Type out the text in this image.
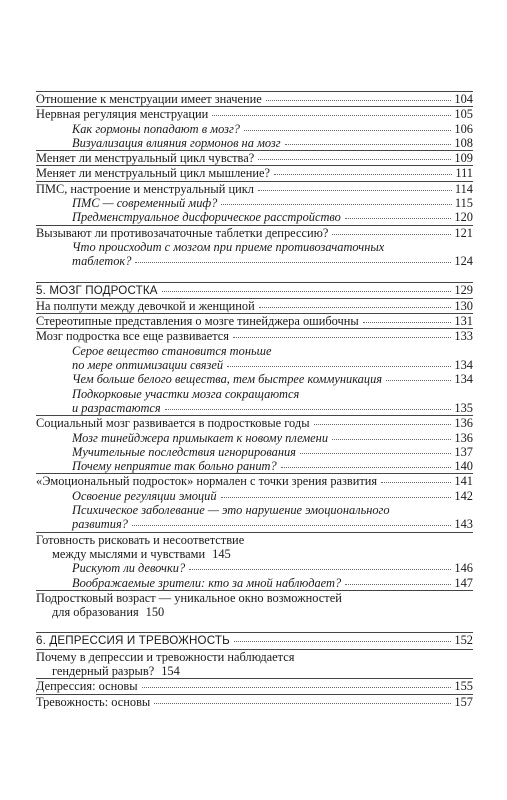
Отношение к менструации имеет значение	104
Нервная регуляция менструации	105
Как гормоны попадают в мозг?	106
Визуализация влияния гормонов на мозг	108
Меняет ли менструальный цикл чувства?	109
Меняет ли менструальный цикл мышление?	111
ПМС, настроение и менструальный цикл	114
ПМС — современный миф?	115
Предменструальное дисфорическое расстройство	120
Вызывают ли противозачаточные таблетки депрессию?	121
Что происходит с мозгом при приеме противозачаточных
таблеток?	124
5. МОЗГ ПОДРОСТКА	129
На полпути между девочкой и женщиной	130
Стереотипные представления о мозге тинейджера ошибочны	131
Мозг подростка все еще развивается	133
Серое вещество становится тоньше
по мере оптимизации связей	134
Чем больше белого вещества, тем быстрее коммуникация	134
Подкорковые участки мозга сокращаются
и разрастаются	135
Социальный мозг развивается в подростковые годы	136
Мозг тинейджера примыкает к новому племени	136
Мучительные последствия игнорирования	137
Почему неприятие так больно ранит?	140
«Эмоциональный подросток» нормален с точки зрения развития	141
Освоение регуляции эмоций	142
Психическое заболевание — это нарушение эмоционального
развития?	143
Готовность рисковать и несоответствие
между мыслями и чувствами 145
Рискуют ли девочки?	146
Воображаемые зрители: кто за мной наблюдает?	147
Подростковый возраст — уникальное окно возможностей
для образования 150
6. ДЕПРЕССИЯ И ТРЕВОЖНОСТЬ	152
Почему в депрессии и тревожности наблюдается
гендерный разрыв? 154
Депрессия: основы	155
Тревожность: основы	157
